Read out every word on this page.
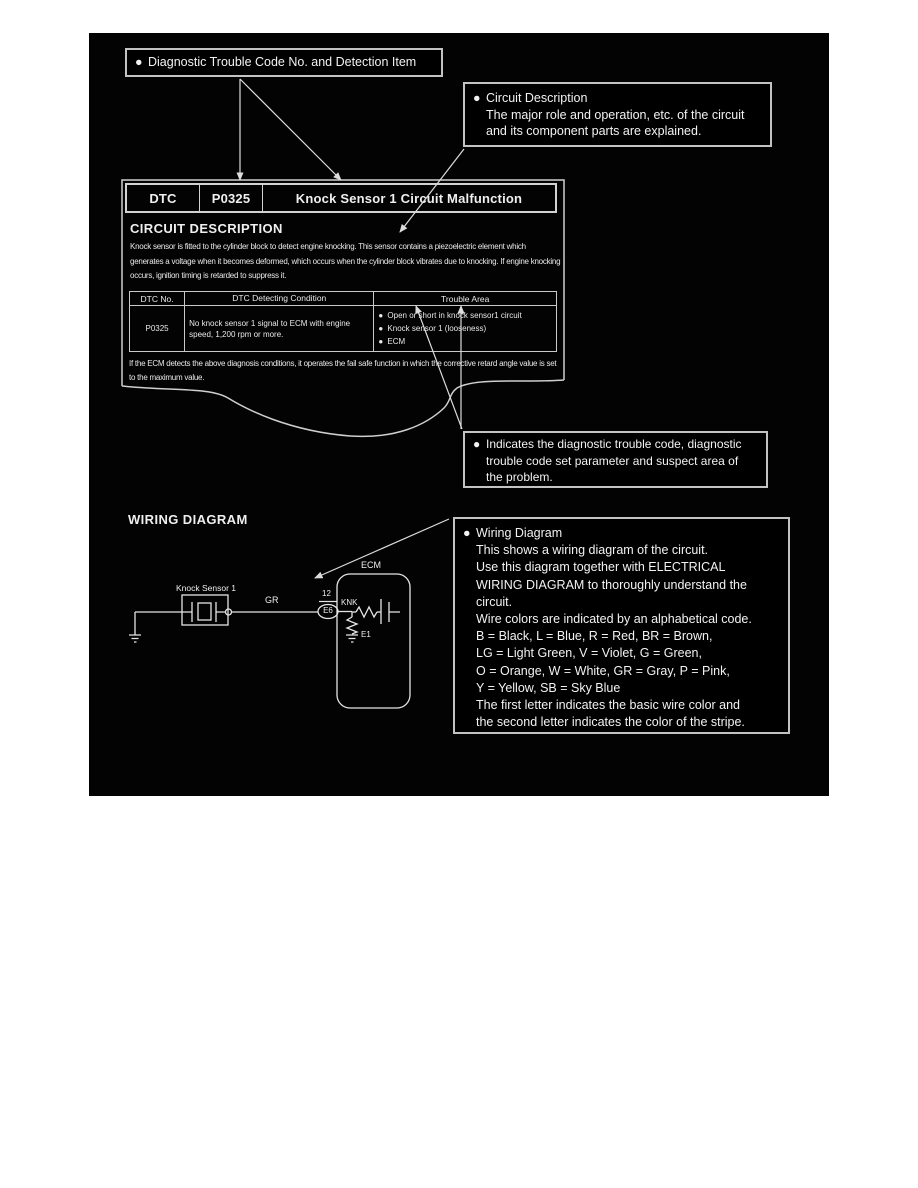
● Diagnostic Trouble Code No. and Detection Item
● Circuit Description
The major role and operation, etc. of the circuit
and its component parts are explained.
DTC	P0325	Knock Sensor 1 Circuit Malfunction
CIRCUIT DESCRIPTION
Knock sensor is fitted to the cylinder block to detect engine knocking. This sensor contains a piezoelectric element which generates a voltage when it becomes deformed, which occurs when the cylinder block vibrates due to knocking. If engine knocking occurs, ignition timing is retarded to suppress it.
DTC No.	DTC Detecting Condition	Trouble Area
P0325	No knock sensor 1 signal to ECM with engine speed, 1,200 rpm or more.	
● Open or short in knock sensor1 circuit
● Knock sensor 1 (looseness)
● ECM
If the ECM detects the above diagnosis conditions, it operates the fail safe function in which the corrective retard angle value is set to the maximum value.
● Indicates the diagnostic trouble code, diagnostic
trouble code set parameter and suspect area of
the problem.
WIRING DIAGRAM
Knock Sensor 1
GR
12
E6
KNK
E1
ECM
● Wiring Diagram
This shows a wiring diagram of the circuit.
Use this diagram together with ELECTRICAL
WIRING DIAGRAM to thoroughly understand the
circuit.
Wire colors are indicated by an alphabetical code.
B = Black, L = Blue, R = Red, BR = Brown,
LG = Light Green, V = Violet, G = Green,
O = Orange, W = White, GR = Gray, P = Pink,
Y = Yellow, SB = Sky Blue
The first letter indicates the basic wire color and
the second letter indicates the color of the stripe.
